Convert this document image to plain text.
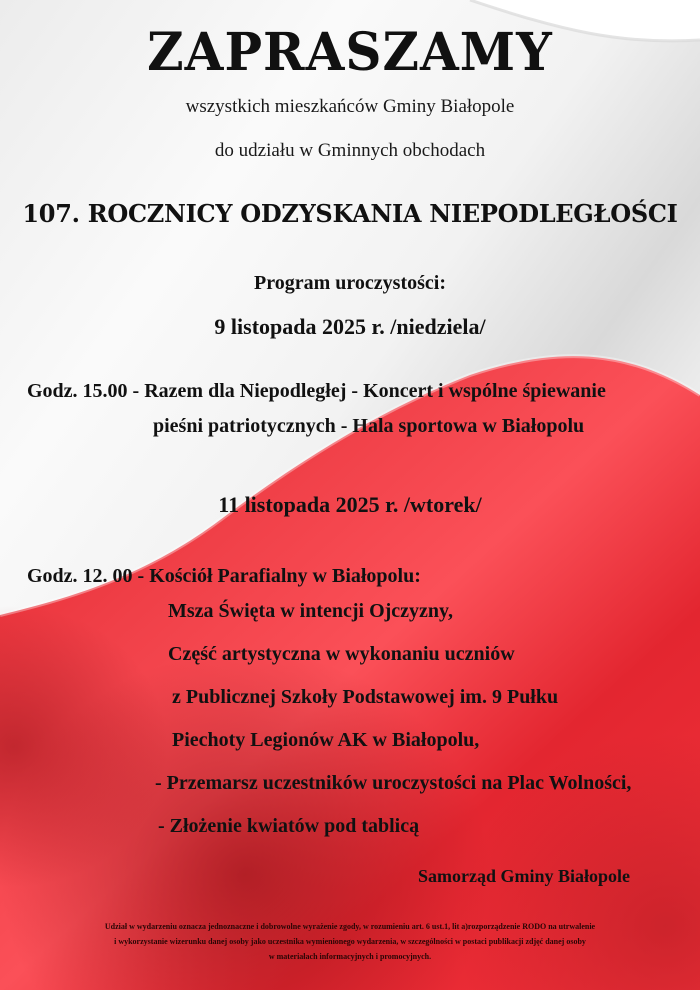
ZAPRASZAMY
wszystkich mieszkańców Gminy Białopole
do udziału w Gminnych obchodach
107. ROCZNICY ODZYSKANIA NIEPODLEGŁOŚCI
Program uroczystości:
9 listopada 2025 r. /niedziela/
Godz. 15.00 - Razem dla Niepodległej - Koncert i wspólne śpiewanie
pieśni patriotycznych - Hala sportowa w Białopolu
11 listopada 2025 r. /wtorek/
Godz. 12. 00 - Kościół Parafialny w Białopolu:
Msza Święta w intencji Ojczyzny,
Część artystyczna w wykonaniu uczniów
z Publicznej Szkoły Podstawowej im. 9 Pułku
Piechoty Legionów AK w Białopolu,
- Przemarsz uczestników uroczystości na Plac Wolności,
- Złożenie kwiatów pod tablicą
Samorząd Gminy Białopole
Udział w wydarzeniu oznacza jednoznaczne i dobrowolne wyrażenie zgody, w rozumieniu art. 6 ust.1, lit a)rozporządzenie RODO na utrwalenie
i wykorzystanie wizerunku danej osoby jako uczestnika wymienionego wydarzenia, w szczególności w postaci publikacji zdjęć danej osoby
w materiałach informacyjnych i promocyjnych.
